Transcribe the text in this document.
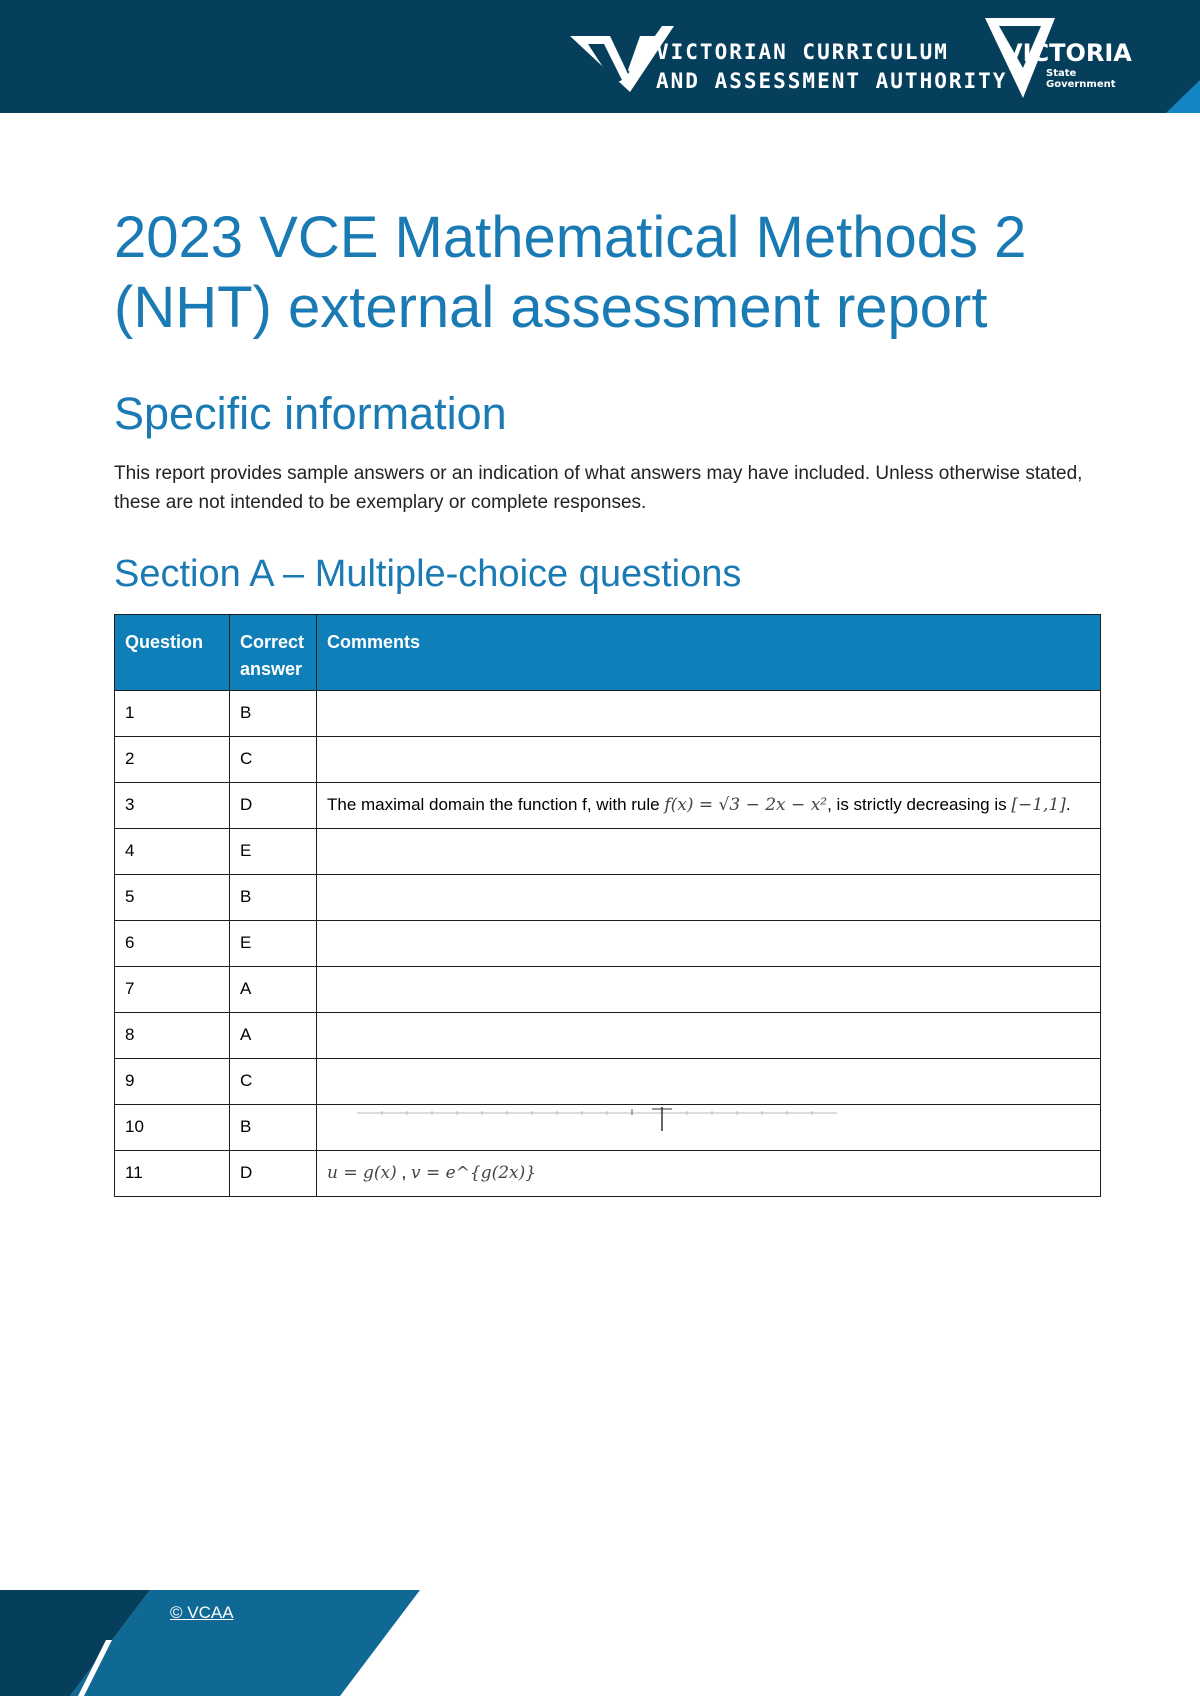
VICTORIAN CURRICULUM
AND ASSESSMENT AUTHORITY
VICTORIA
State
Government
2023 VCE Mathematical Methods 2
(NHT) external assessment report
Specific information

This report provides sample answers or an indication of what answers may have included. Unless otherwise stated, these are not intended to be exemplary or complete responses.

Section A – Multiple-choice questions
Question	Correct answer	Comments
1	B	
2	C	
3	D	The maximal domain the function f, with rule f(x) = √3 − 2x − x², is strictly decreasing is [−1,1].

4	E	
5	B	
6	E	
7	A	
8	A	
9	C	
10	B	
11	D	u = g(x) , v = e^{g(2x)}
© VCAA
